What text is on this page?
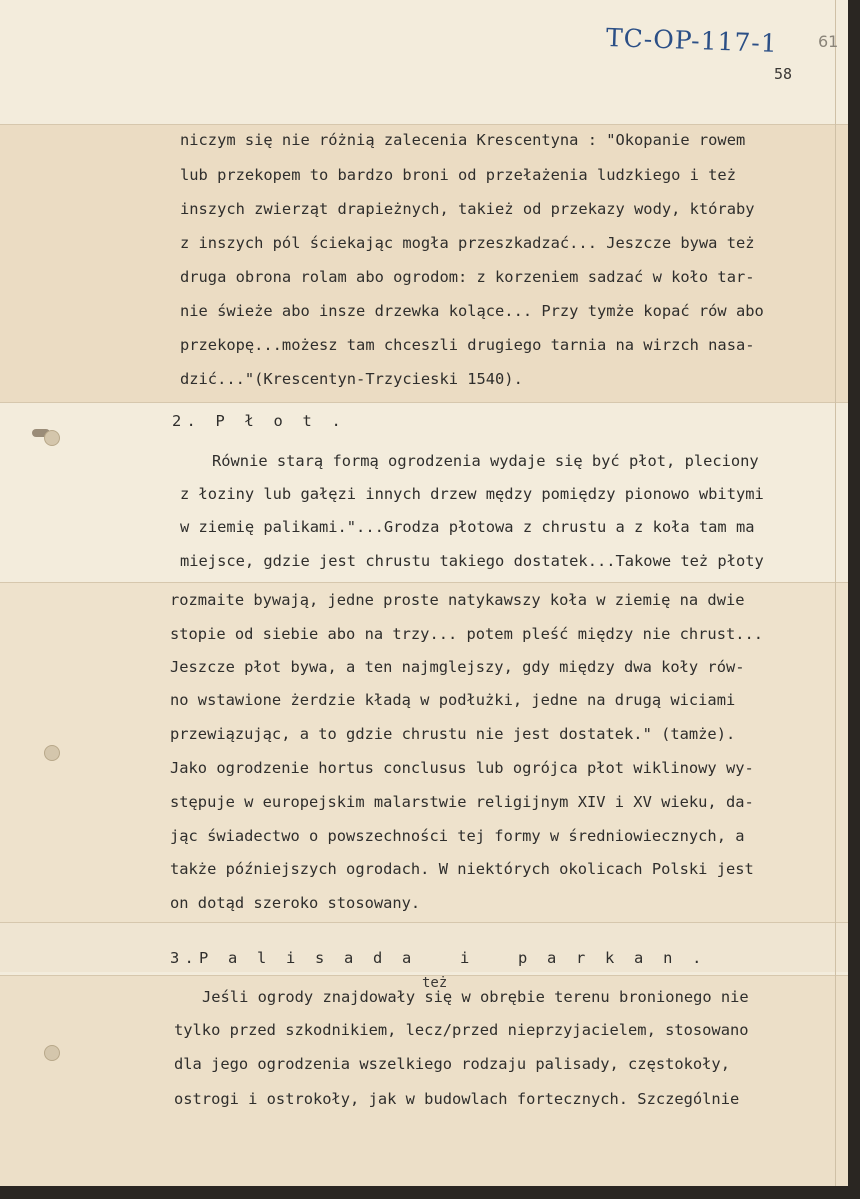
TC-OP-117-1 61
58
niczym się nie różnią zalecenia Krescentyna : "Okopanie rowem
lub przekopem to bardzo broni od przełażenia ludzkiego i też
inszych zwierząt drapieżnych, takież od przekazy wody, któraby
z inszych pól ściekając mogła przeszkadzać... Jeszcze bywa też
druga obrona rolam abo ogrodom: z korzeniem sadzać w koło tar-
nie świeże abo insze drzewka kolące... Przy tymże kopać rów abo
przekopę...możesz tam chceszli drugiego tarnia na wirzch nasa-
dzić..."(Krescentyn-Trzycieski 1540).
2. P ł o t .
Równie starą formą ogrodzenia wydaje się być płot, pleciony
z łoziny lub gałęzi innych drzew mędzy pomiędzy pionowo wbitymi
w ziemię palikami."...Grodza płotowa z chrustu a z koła tam ma
miejsce, gdzie jest chrustu takiego dostatek...Takowe też płoty
rozmaite bywają, jedne proste natykawszy koła w ziemię na dwie
stopie od siebie abo na trzy... potem pleść między nie chrust...
Jeszcze płot bywa, a ten najmglejszy, gdy między dwa koły rów-
no wstawione żerdzie kładą w podłużki, jedne na drugą wiciami
przewiązując, a to gdzie chrustu nie jest dostatek." (tamże).
Jako ogrodzenie hortus conclusus lub ogrójca płot wiklinowy wy-
stępuje w europejskim malarstwie religijnym XIV i XV wieku, da-
jąc świadectwo o powszechności tej formy w średniowiecznych, a
także późniejszych ogrodach. W niektórych okolicach Polski jest
on dotąd szeroko stosowany.
3.P a l i s a d a   i   p a r k a n .
też
Jeśli ogrody znajdowały się w obrębie terenu bronionego nie
tylko przed szkodnikiem, lecz/przed nieprzyjacielem, stosowano
dla jego ogrodzenia wszelkiego rodzaju palisady, częstokoły,
ostrogi i ostrokoły, jak w budowlach fortecznych. Szczególnie
